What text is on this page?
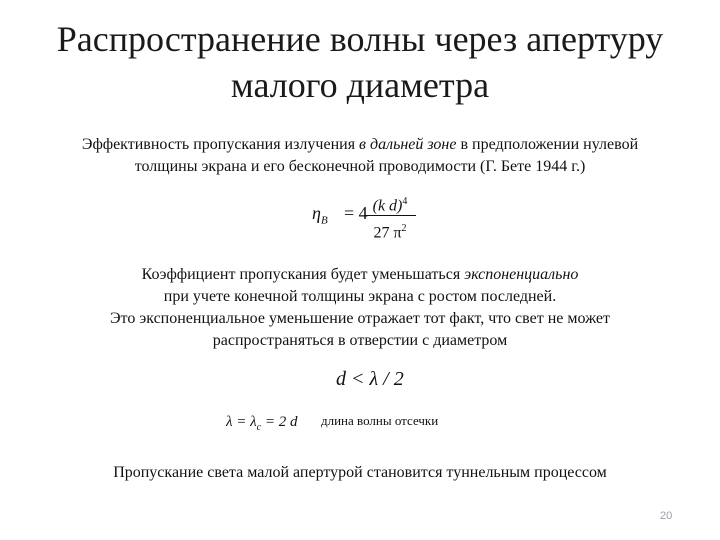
Распространение волны через апертуру
малого диаметра
Эффективность пропускания излучения в дальней зоне в предположении нулевой
толщины экрана и его бесконечной проводимости (Г. Бете 1944 г.)
$\eta_B = 4$ (k d)$^4$
27 $\pi^2$
Коэффициент пропускания будет уменьшаться экспоненциально
при учете конечной толщины экрана с ростом последней.
Это экспоненциальное уменьшение отражает тот факт, что свет не может
распространяться в отверстии с диаметром
d < λ / 2
$\lambda = \lambda_c = 2$ d длина волны отсечки
Пропускание света малой апертурой становится туннельным процессом
20
